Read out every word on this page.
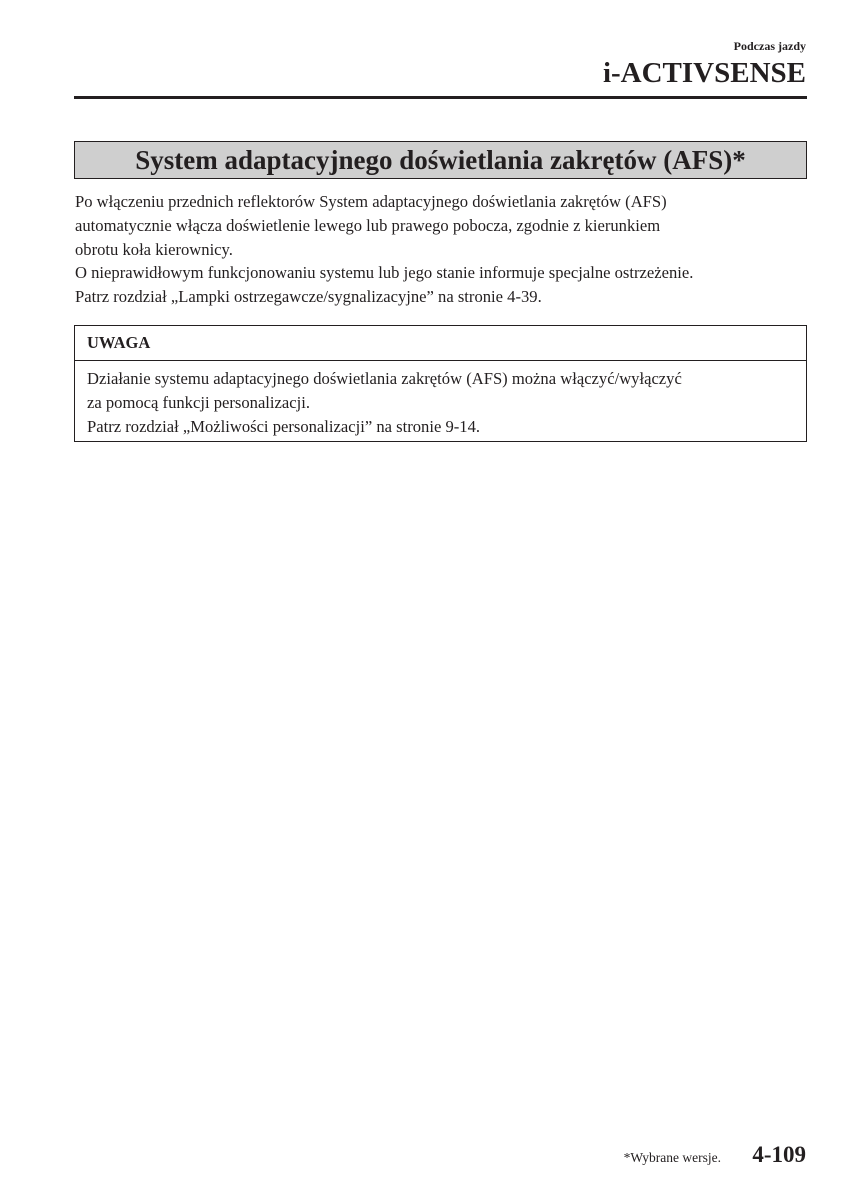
Podczas jazdy
i-ACTIVSENSE
System adaptacyjnego doświetlania zakrętów (AFS)*

Po włączeniu przednich reflektorów System adaptacyjnego doświetlania zakrętów (AFS)

automatycznie włącza doświetlenie lewego lub prawego pobocza, zgodnie z kierunkiem

obrotu koła kierownicy.

O nieprawidłowym funkcjonowaniu systemu lub jego stanie informuje specjalne ostrzeżenie.

Patrz rozdział „Lampki ostrzegawcze/sygnalizacyjne” na stronie 4-39.

UWAGA

Działanie systemu adaptacyjnego doświetlania zakrętów (AFS) można włączyć/wyłączyć

za pomocą funkcji personalizacji.

Patrz rozdział „Możliwości personalizacji” na stronie 9-14.

*Wybrane wersje. 4-109
